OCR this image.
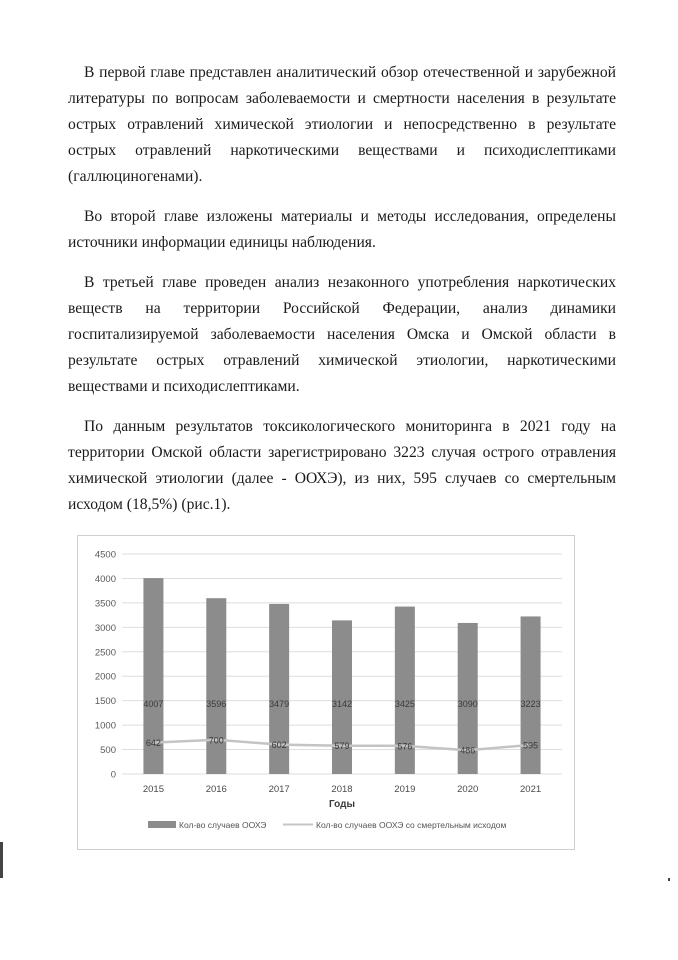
В первой главе представлен аналитический обзор отечественной и зарубежной литературы по вопросам заболеваемости и смертности населения в результате острых отравлений химической этиологии и непосредственно в результате острых отравлений наркотическими веществами и психодислептиками (галлюциногенами).

Во второй главе изложены материалы и методы исследования, определены источники информации единицы наблюдения.

В третьей главе проведен анализ незаконного употребления наркотических веществ на территории Российской Федерации, анализ динамики госпитализируемой заболеваемости населения Омска и Омской области в результате острых отравлений химической этиологии, наркотическими веществами и психодислептиками.

По данным результатов токсикологического мониторинга в 2021 году на территории Омской области зарегистрировано 3223 случая острого отравления химической этиологии (далее - ООХЭ), из них, 595 случаев со смертельным исходом (18,5%) (рис.1).

0
500
1000
1500
2000
2500
3000
3500
4000
4500
2015	2016	2017	2018	2019	2020	2021
4007	3596	3479	3142	3425	3090	3223
642	700	602	579	576	486
595
Годы
Кол-во случаев ООХЭ	Кол-во случаев ООХЭ со смертельным исходом
